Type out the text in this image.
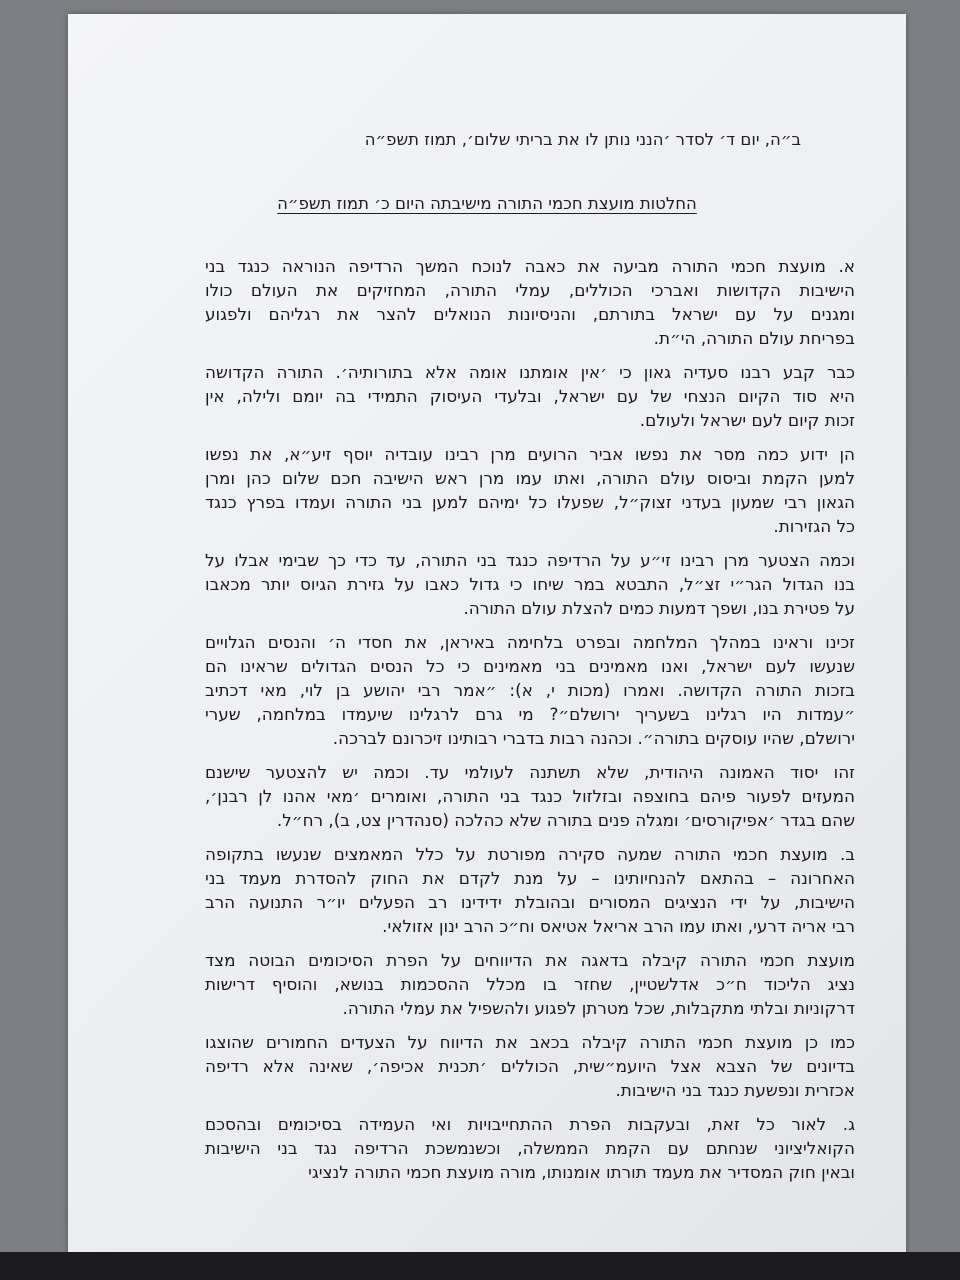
ב״ה, יום ד׳ לסדר ׳הנני נותן לו את בריתי שלום׳, תמוז תשפ״ה
החלטות מועצת חכמי התורה מישיבתה היום כ׳ תמוז תשפ״ה
א. מועצת חכמי התורה מביעה את כאבה לנוכח המשך הרדיפה הנוראה כנגד בני
הישיבות הקדושות ואברכי הכוללים, עמלי התורה, המחזיקים את העולם כולו
ומגנים על עם ישראל בתורתם, והניסיונות הנואלים להצר את רגליהם ולפגוע
בפריחת עולם התורה, הי״ת.
כבר קבע רבנו סעדיה גאון כי ׳אין אומתנו אומה אלא בתורותיה׳. התורה הקדושה
היא סוד הקיום הנצחי של עם ישראל, ובלעדי העיסוק התמידי בה יומם ולילה, אין
זכות קיום לעם ישראל ולעולם.
הן ידוע כמה מסר את נפשו אביר הרועים מרן רבינו עובדיה יוסף זיע״א, את נפשו
למען הקמת וביסוס עולם התורה, ואתו עמו מרן ראש הישיבה חכם שלום כהן ומרן
הגאון רבי שמעון בעדני זצוק״ל, שפעלו כל ימיהם למען בני התורה ועמדו בפרץ כנגד
כל הגזירות.
וכמה הצטער מרן רבינו זי״ע על הרדיפה כנגד בני התורה, עד כדי כך שבימי אבלו על
בנו הגדול הגר״י זצ״ל, התבטא במר שיחו כי גדול כאבו על גזירת הגיוס יותר מכאבו
על פטירת בנו, ושפך דמעות כמים להצלת עולם התורה.
זכינו וראינו במהלך המלחמה ובפרט בלחימה באיראן, את חסדי ה׳ והנסים הגלויים
שנעשו לעם ישראל, ואנו מאמינים בני מאמינים כי כל הנסים הגדולים שראינו הם
בזכות התורה הקדושה. ואמרו (מכות י, א): ״אמר רבי יהושע בן לוי, מאי דכתיב
״עמדות היו רגלינו בשעריך ירושלם״? מי גרם לרגלינו שיעמדו במלחמה, שערי
ירושלם, שהיו עוסקים בתורה״. וכהנה רבות בדברי רבותינו זיכרונם לברכה.
זהו יסוד האמונה היהודית, שלא תשתנה לעולמי עד. וכמה יש להצטער שישנם
המעזים לפעור פיהם בחוצפה ובזלזול כנגד בני התורה, ואומרים ׳מאי אהנו לן רבנן׳,
שהם בגדר ׳אפיקורסים׳ ומגלה פנים בתורה שלא כהלכה (סנהדרין צט, ב), רח״ל.
ב. מועצת חכמי התורה שמעה סקירה מפורטת על כלל המאמצים שנעשו בתקופה
האחרונה – בהתאם להנחיותינו – על מנת לקדם את החוק להסדרת מעמד בני
הישיבות, על ידי הנציגים המסורים ובהובלת ידידינו רב הפעלים יו״ר התנועה הרב
רבי אריה דרעי, ואתו עמו הרב אריאל אטיאס וח״כ הרב ינון אזולאי.
מועצת חכמי התורה קיבלה בדאגה את הדיווחים על הפרת הסיכומים הבוטה מצד
נציג הליכוד ח״כ אדלשטיין, שחזר בו מכלל ההסכמות בנושא, והוסיף דרישות
דרקוניות ובלתי מתקבלות, שכל מטרתן לפגוע ולהשפיל את עמלי התורה.
כמו כן מועצת חכמי התורה קיבלה בכאב את הדיווח על הצעדים החמורים שהוצגו
בדיונים של הצבא אצל היועמ״שית, הכוללים ׳תכנית אכיפה׳, שאינה אלא רדיפה
אכזרית ונפשעת כנגד בני הישיבות.
ג. לאור כל זאת, ובעקבות הפרת ההתחייבויות ואי העמידה בסיכומים ובהסכם
הקואליציוני שנחתם עם הקמת הממשלה, וכשנמשכת הרדיפה נגד בני הישיבות
ובאין חוק המסדיר את מעמד תורתו אומנותו, מורה מועצת חכמי התורה לנציגי
